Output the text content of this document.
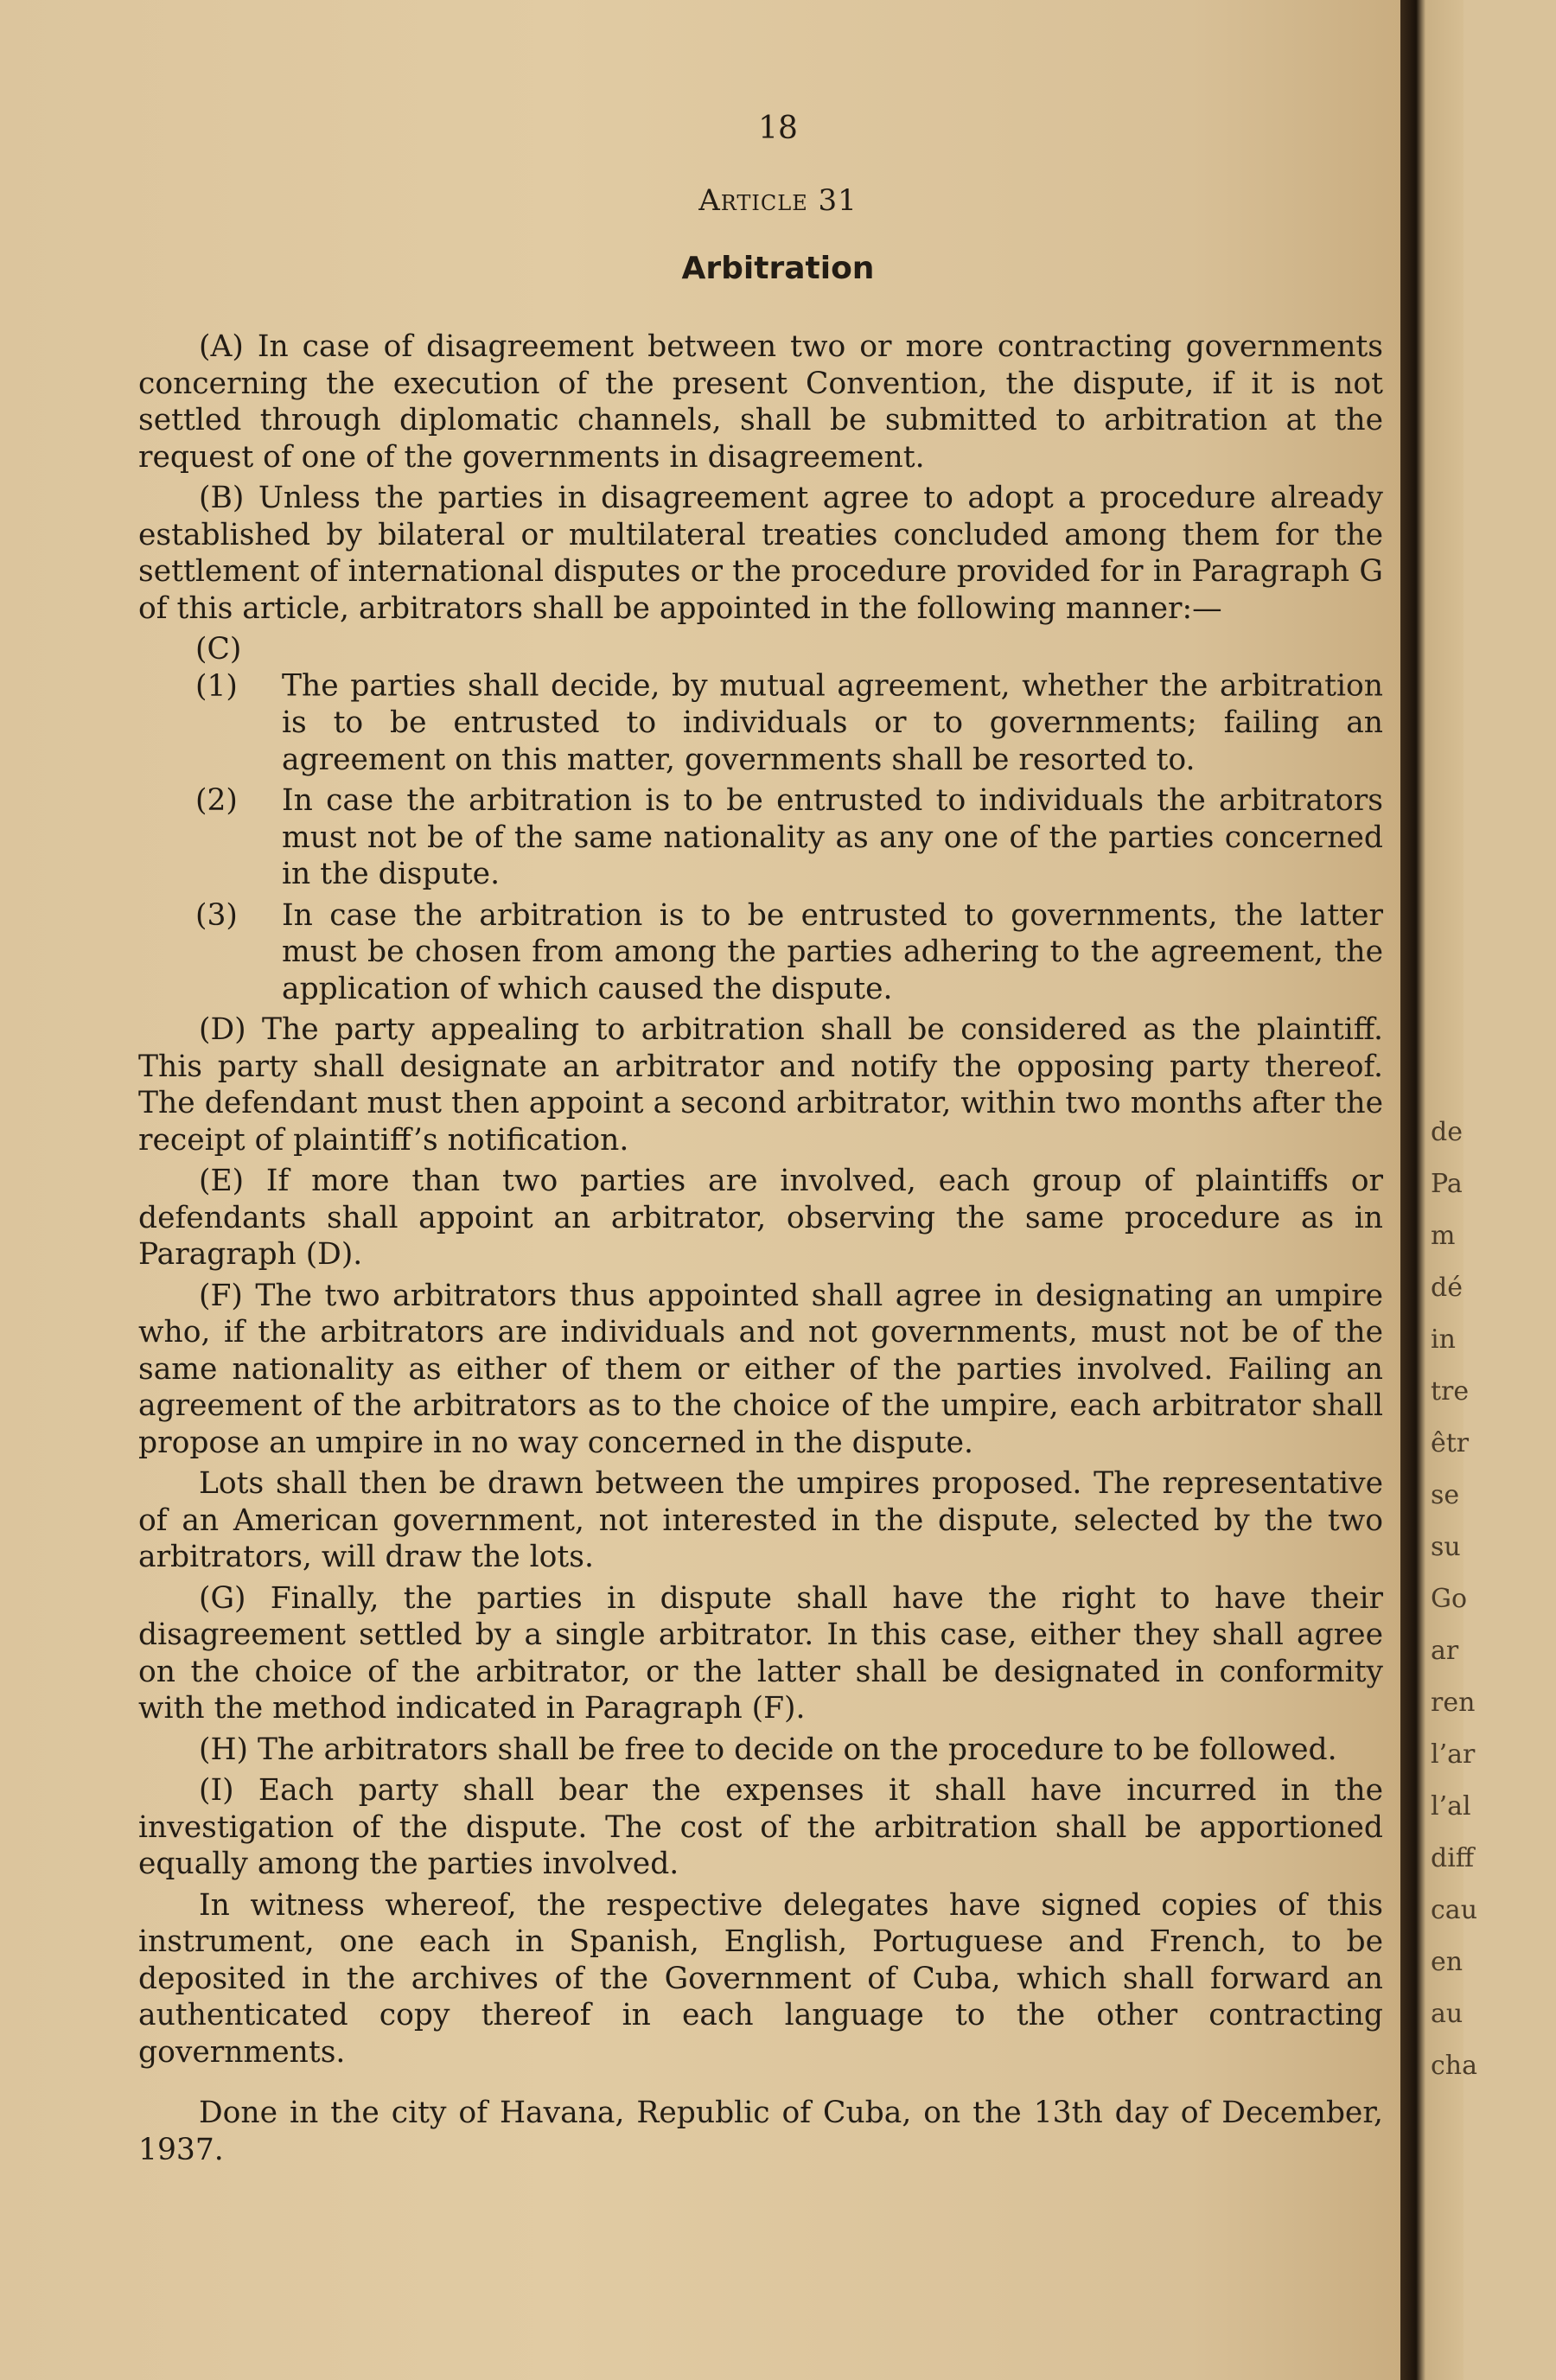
18
Article 31
Arbitration

(A) In case of disagreement between two or more contracting governments concerning the execution of the present Convention, the dispute, if it is not settled through diplomatic channels, shall be submitted to arbitration at the request of one of the governments in disagreement.

(B) Unless the parties in disagreement agree to adopt a procedure already established by bilateral or multilateral treaties concluded among them for the settlement of international disputes or the procedure provided for in Paragraph G of this article, arbitrators shall be appointed in the following manner:—

(C) (1) The parties shall decide, by mutual agreement, whether the arbitration is to be entrusted to individuals or to governments; failing an agreement on this matter, governments shall be resorted to.

(2) In case the arbitration is to be entrusted to individuals the arbitrators must not be of the same nationality as any one of the parties concerned in the dispute.

(3) In case the arbitration is to be entrusted to governments, the latter must be chosen from among the parties adhering to the agreement, the application of which caused the dispute.

(D) The party appealing to arbitration shall be considered as the plaintiff. This party shall designate an arbitrator and notify the opposing party thereof. The defendant must then appoint a second arbitrator, within two months after the receipt of plaintiff’s notification.

(E) If more than two parties are involved, each group of plaintiffs or defendants shall appoint an arbitrator, observing the same procedure as in Paragraph (D).

(F) The two arbitrators thus appointed shall agree in designating an umpire who, if the arbitrators are individuals and not governments, must not be of the same nationality as either of them or either of the parties involved. Failing an agreement of the arbitrators as to the choice of the umpire, each arbitrator shall propose an umpire in no way concerned in the dispute.

Lots shall then be drawn between the umpires proposed. The representative of an American government, not interested in the dispute, selected by the two arbitrators, will draw the lots.

(G) Finally, the parties in dispute shall have the right to have their disagreement settled by a single arbitrator. In this case, either they shall agree on the choice of the arbitrator, or the latter shall be designated in conformity with the method indicated in Paragraph (F).

(H) The arbitrators shall be free to decide on the procedure to be followed.

(I) Each party shall bear the expenses it shall have incurred in the investigation of the dispute. The cost of the arbitration shall be apportioned equally among the parties involved.

In witness whereof, the respective delegates have signed copies of this instrument, one each in Spanish, English, Portuguese and French, to be deposited in the archives of the Government of Cuba, which shall forward an authenticated copy thereof in each language to the other contracting governments.

Done in the city of Havana, Republic of Cuba, on the 13th day of December, 1937.

de
Pa
m
dé
in
tre
êtr
se
su
Go
ar
ren
l’ar
l’al
diff
cau
en
au
cha
